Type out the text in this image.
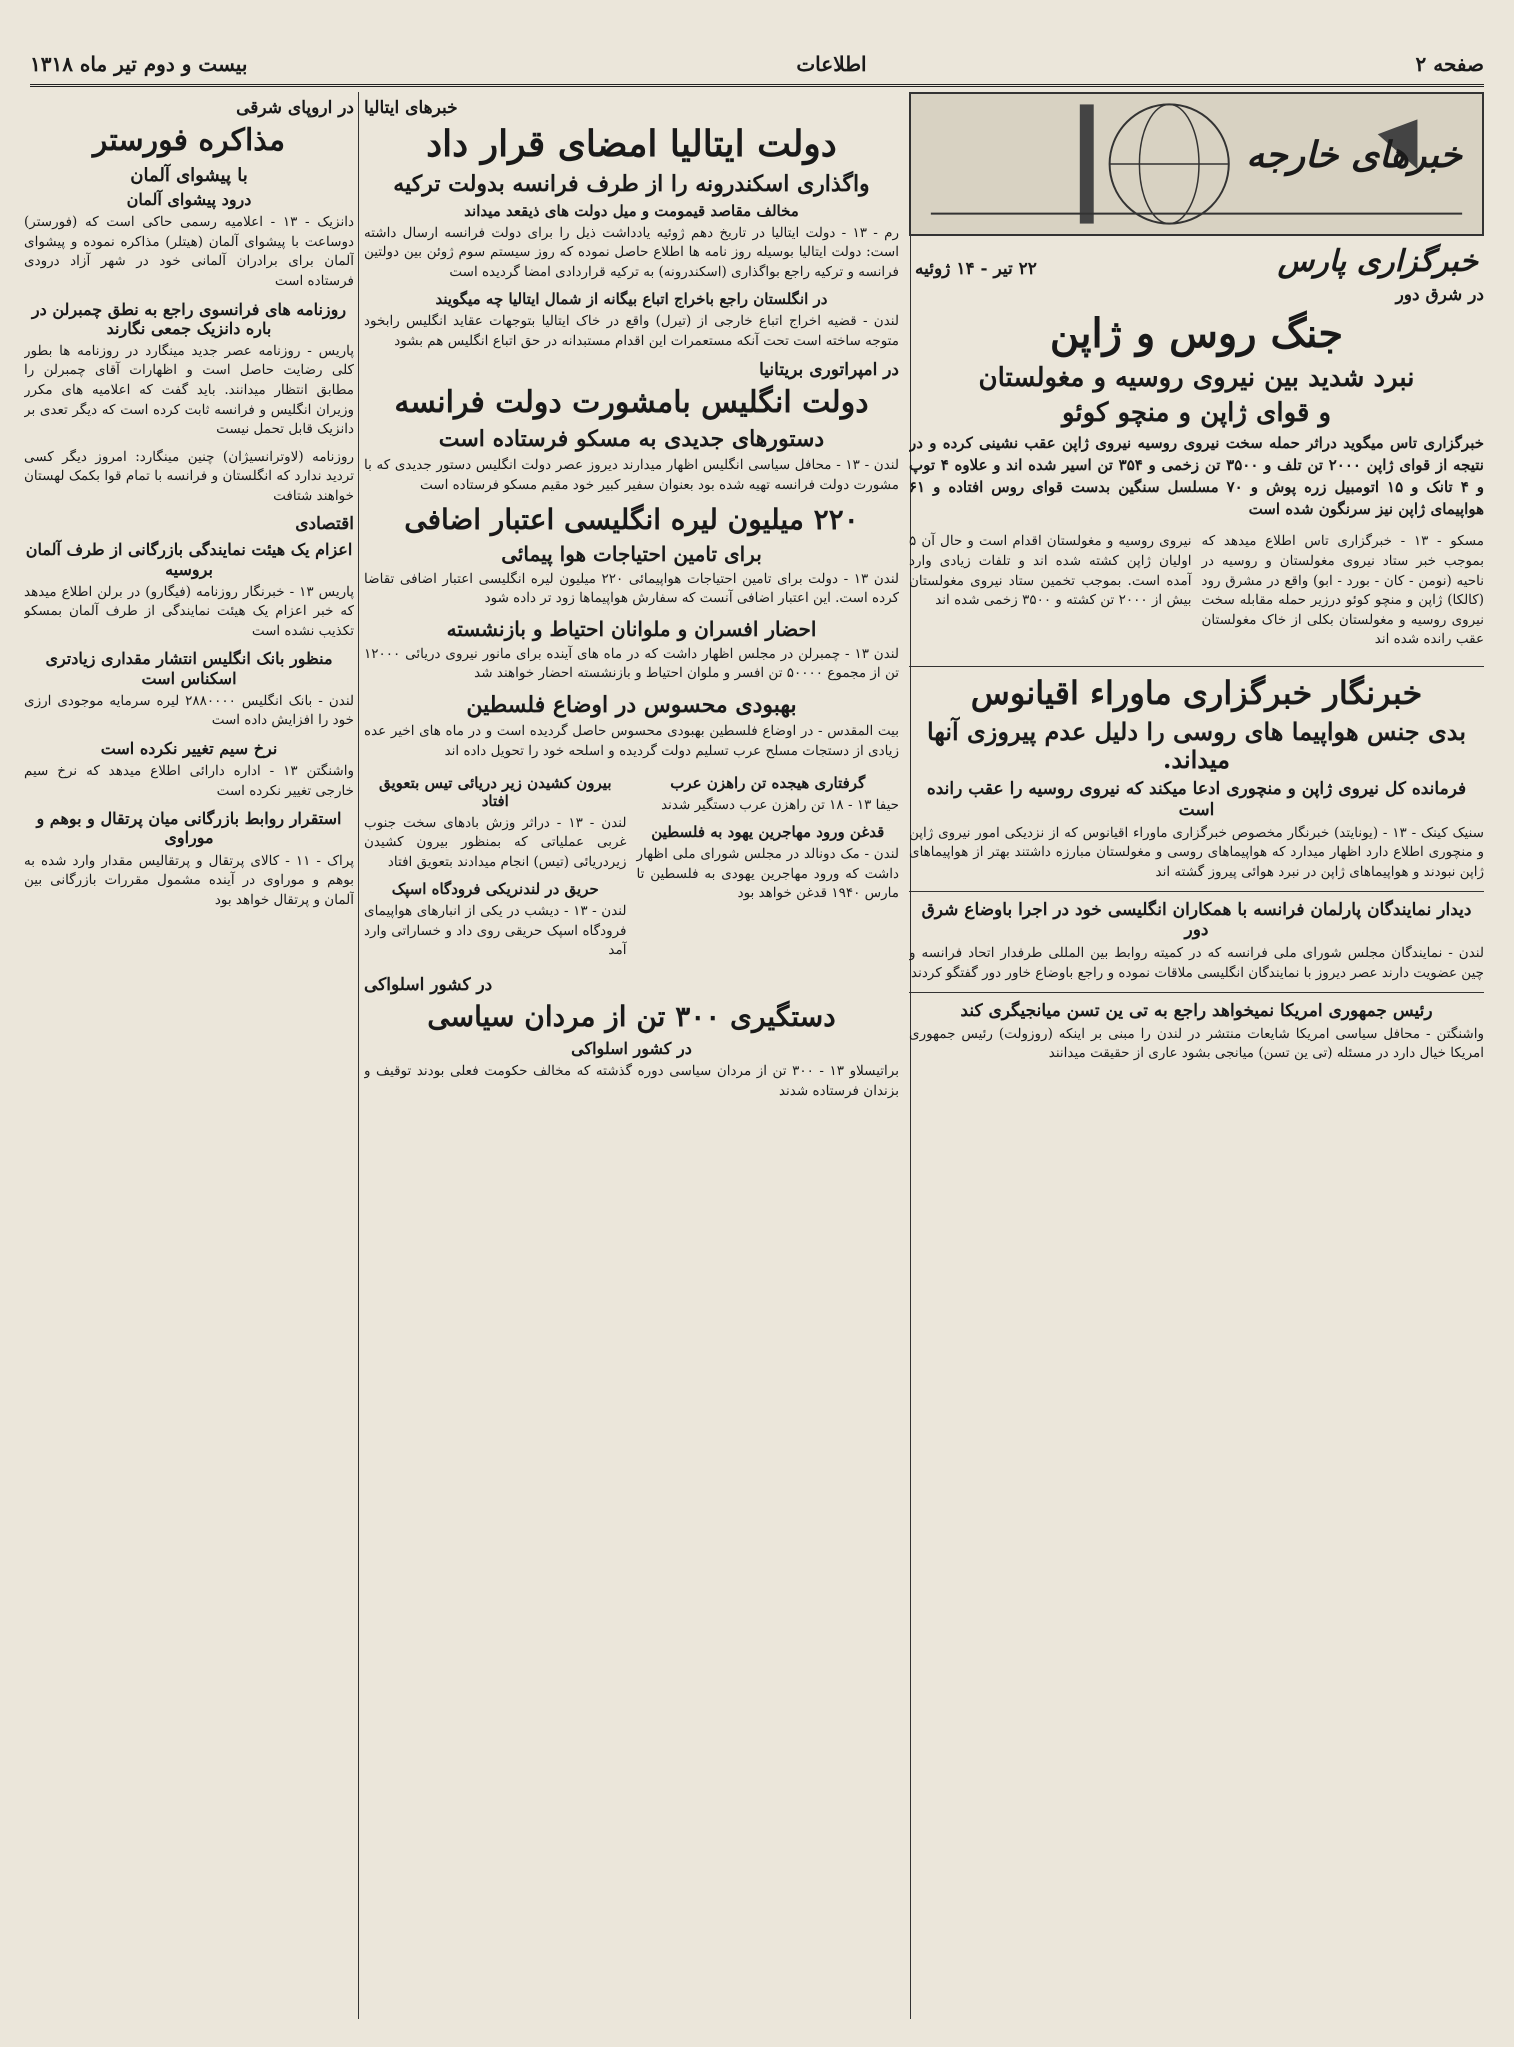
صفحه ۲
اطلاعات
بیست و دوم تیر ماه ۱۳۱۸
خبرهای خارجه
خبرگزاری پارس
۲۲ تیر - ۱۴ ژوئیه
در شرق دور
جنگ روس و ژاپن
نبرد شدید بین نیروی روسیه و مغولستان
و قوای ژاپن و منچو کوئو
خبرگزاری تاس میگوید دراثر حمله سخت نیروی روسیه نیروی ژاپن عقب نشینی کرده و در نتیجه از قوای ژاپن ۲۰۰۰ تن تلف و ۳۵۰۰ تن زخمی و ۳۵۴ تن اسیر شده اند و علاوه ۴ توپ و ۴ تانک و ۱۵ اتومبیل زره پوش و ۷۰ مسلسل سنگین بدست قوای روس افتاده و ۶۱ هواپیمای ژاپن نیز سرنگون شده است
مسکو - ۱۳ - خبرگزاری تاس اطلاع میدهد که بموجب خبر ستاد نیروی مغولستان و روسیه در ناحیه (نومن - کان - بورد - ابو) واقع در مشرق رود (کالکا) ژاپن و منچو کوئو درزیر حمله مقابله سخت نیروی روسیه و مغولستان بکلی از خاک مغولستان عقب رانده شده اند
نیروی روسیه و مغولستان اقدام است و حال آن ۵ اولیان ژاپن کشته شده اند و تلفات زیادی وارد آمده است. بموجب تخمین ستاد نیروی مغولستان بیش از ۲۰۰۰ تن کشته و ۳۵۰۰ زخمی شده اند
خبرنگار خبرگزاری ماوراء اقیانوس
بدی جنس هواپیما های روسی را دلیل عدم پیروزی آنها میداند.
فرمانده کل نیروی ژاپن و منچوری ادعا میکند که نیروی روسیه را عقب رانده است
سنیک کینک - ۱۳ - (یونایتد) خبرنگار مخصوص خبرگزاری ماوراء اقیانوس که از نزدیکی امور نیروی ژاپن و منچوری اطلاع دارد اظهار میدارد که هواپیماهای روسی و مغولستان مبارزه داشتند بهتر از هواپیماهای ژاپن نبودند و هواپیماهای ژاپن در نبرد هوائی پیروز گشته اند
دیدار نمایندگان پارلمان فرانسه با همکاران انگلیسی خود در اجرا باوضاع شرق دور
لندن - نمایندگان مجلس شورای ملی فرانسه که در کمیته روابط بین المللی طرفدار اتحاد فرانسه و چین عضویت دارند عصر دیروز با نمایندگان انگلیسی ملاقات نموده و راجع باوضاع خاور دور گفتگو کردند
رئیس جمهوری امریکا نمیخواهد راجع به تی ین تسن میانجیگری کند
واشنگتن - محافل سیاسی امریکا شایعات منتشر در لندن را مبنی بر اینکه (روزولت) رئیس جمهوری امریکا خیال دارد در مسئله (تی ین تسن) میانجی بشود عاری از حقیقت میدانند
خبرهای ایتالیا
دولت ایتالیا امضای قرار داد
واگذاری اسکندرونه را از طرف فرانسه بدولت ترکیه
مخالف مقاصد قیمومت و میل دولت های ذیقعد میداند
رم - ۱۳ - دولت ایتالیا در تاریخ دهم ژوئیه یادداشت ذیل را برای دولت فرانسه ارسال داشته است: دولت ایتالیا بوسیله روز نامه ها اطلاع حاصل نموده که روز سیستم سوم ژوئن بین دولتین فرانسه و ترکیه راجع بواگذاری (اسکندرونه) به ترکیه قراردادی امضا گردیده است
در انگلستان راجع باخراج اتباع بیگانه از شمال ایتالیا چه میگویند
لندن - قضیه اخراج اتباع خارجی از (تیرل) واقع در خاک ایتالیا بتوجهات عقاید انگلیس رابخود متوجه ساخته است تحت آنکه مستعمرات این اقدام مستبدانه در حق اتباع انگلیس هم بشود
در امپراتوری بریتانیا
دولت انگلیس بامشورت دولت فرانسه
دستورهای جدیدی به مسکو فرستاده است
لندن - ۱۳ - محافل سیاسی انگلیس اظهار میدارند دیروز عصر دولت انگلیس دستور جدیدی که با مشورت دولت فرانسه تهیه شده بود بعنوان سفیر کبیر خود مقیم مسکو فرستاده است
۲۲۰ میلیون لیره انگلیسی اعتبار اضافی
برای تامین احتیاجات هوا پیمائی
لندن ۱۳ - دولت برای تامین احتیاجات هواپیمائی ۲۲۰ میلیون لیره انگلیسی اعتبار اضافی تقاضا کرده است. این اعتبار اضافی آنست که سفارش هواپیماها زود تر داده شود
احضار افسران و ملوانان احتیاط و بازنشسته
لندن ۱۳ - چمبرلن در مجلس اظهار داشت که در ماه های آینده برای مانور نیروی دریائی ۱۲۰۰۰ تن از مجموع ۵۰۰۰۰ تن افسر و ملوان احتیاط و بازنشسته احضار خواهند شد
بهبودی محسوس در اوضاع فلسطین
بیت المقدس - در اوضاع فلسطین بهبودی محسوس حاصل گردیده است و در ماه های اخیر عده زیادی از دستجات مسلح عرب تسلیم دولت گردیده و اسلحه خود را تحویل داده اند
گرفتاری هیجده تن راهزن عرب
حیفا ۱۳ - ۱۸ تن راهزن عرب دستگیر شدند
قدغن ورود مهاجرین یهود به فلسطین
لندن - مک دونالد در مجلس شورای ملی اظهار داشت که ورود مهاجرین یهودی به فلسطین تا مارس ۱۹۴۰ قدغن خواهد بود
بیرون کشیدن زیر دریائی تیس بتعویق افتاد
لندن - ۱۳ - دراثر وزش بادهای سخت جنوب غربی عملیاتی که بمنظور بیرون کشیدن زیردریائی (تیس) انجام میدادند بتعویق افتاد
حریق در لندنریکی فرودگاه اسپک
لندن - ۱۳ - دیشب در یکی از انبارهای هواپیمای فرودگاه اسپک حریقی روی داد و خساراتی وارد آمد
در کشور اسلواکی
دستگیری ۳۰۰ تن از مردان سیاسی
در کشور اسلواکی
براتیسلاو ۱۳ - ۳۰۰ تن از مردان سیاسی دوره گذشته که مخالف حکومت فعلی بودند توقیف و بزندان فرستاده شدند
در اروپای شرقی
مذاکره فورستر
با پیشوای آلمان
درود پیشوای آلمان
دانزیک - ۱۳ - اعلامیه رسمی حاکی است که (فورستر) دوساعت با پیشوای آلمان (هیتلر) مذاکره نموده و پیشوای آلمان برای برادران آلمانی خود در شهر آزاد درودی فرستاده است
روزنامه های فرانسوی راجع به نطق چمبرلن در باره دانزیک جمعی نگارند
پاریس - روزنامه عصر جدید مینگارد در روزنامه ها بطور کلی رضایت حاصل است و اظهارات آقای چمبرلن را مطابق انتظار میدانند. باید گفت که اعلامیه های مکرر وزیران انگلیس و فرانسه ثابت کرده است که دیگر تعدی بر دانزیک قابل تحمل نیست
روزنامه (لاوترانسیژان) چنین مینگارد: امروز دیگر کسی تردید ندارد که انگلستان و فرانسه با تمام قوا بکمک لهستان خواهند شتافت
اقتصادی
اعزام یک هیئت نمایندگی بازرگانی از طرف آلمان بروسیه
پاریس ۱۳ - خبرنگار روزنامه (فیگارو) در برلن اطلاع میدهد که خبر اعزام یک هیئت نمایندگی از طرف آلمان بمسکو تکذیب نشده است
منظور بانک انگلیس انتشار مقداری زیادتری اسکناس است
لندن - بانک انگلیس ۲۸۸۰۰۰۰ لیره سرمایه موجودی ارزی خود را افزایش داده است
نرخ سیم تغییر نکرده است
واشنگتن ۱۳ - اداره دارائی اطلاع میدهد که نرخ سیم خارجی تغییر نکرده است
استقرار روابط بازرگانی میان پرتقال و بوهم و موراوی
پراک - ۱۱ - کالای پرتقال و پرتقالیس مقدار وارد شده به بوهم و موراوی در آینده مشمول مقررات بازرگانی بین آلمان و پرتقال خواهد بود
